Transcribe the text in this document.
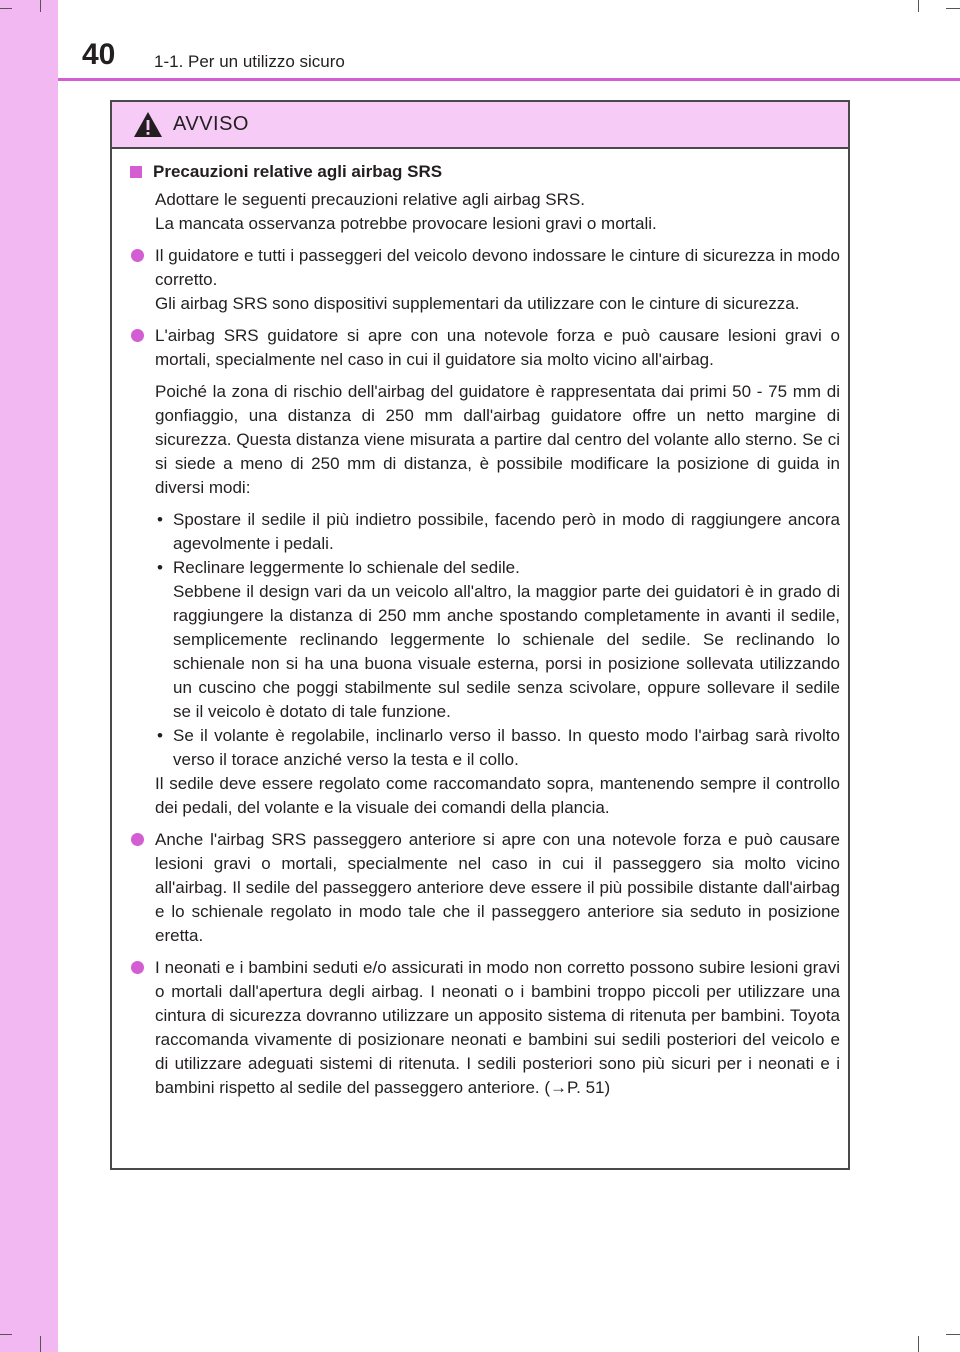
40 1-1. Per un utilizzo sicuro
AVVISO
Precauzioni relative agli airbag SRS
Adottare le seguenti precauzioni relative agli airbag SRS.
La mancata osservanza potrebbe provocare lesioni gravi o mortali.
Il guidatore e tutti i passeggeri del veicolo devono indossare le cinture di sicurezza in modo corretto.
Gli airbag SRS sono dispositivi supplementari da utilizzare con le cinture di sicurezza.
L'airbag SRS guidatore si apre con una notevole forza e può causare lesioni gravi o mortali, specialmente nel caso in cui il guidatore sia molto vicino all'airbag.
Poiché la zona di rischio dell'airbag del guidatore è rappresentata dai primi 50 - 75 mm di gonfiaggio, una distanza di 250 mm dall'airbag guidatore offre un netto margine di sicurezza. Questa distanza viene misurata a partire dal centro del volante allo sterno. Se ci si siede a meno di 250 mm di distanza, è possibile modificare la posizione di guida in diversi modi:
• Spostare il sedile il più indietro possibile, facendo però in modo di raggiungere ancora agevolmente i pedali.
• Reclinare leggermente lo schienale del sedile.
Sebbene il design vari da un veicolo all'altro, la maggior parte dei guidatori è in grado di raggiungere la distanza di 250 mm anche spostando completamente in avanti il sedile, semplicemente reclinando leggermente lo schienale del sedile. Se reclinando lo schienale non si ha una buona visuale esterna, porsi in posizione sollevata utilizzando un cuscino che poggi stabilmente sul sedile senza scivolare, oppure sollevare il sedile se il veicolo è dotato di tale funzione.
• Se il volante è regolabile, inclinarlo verso il basso. In questo modo l'airbag sarà rivolto verso il torace anziché verso la testa e il collo.
Il sedile deve essere regolato come raccomandato sopra, mantenendo sempre il controllo dei pedali, del volante e la visuale dei comandi della plancia.
Anche l'airbag SRS passeggero anteriore si apre con una notevole forza e può causare lesioni gravi o mortali, specialmente nel caso in cui il passeggero sia molto vicino all'airbag. Il sedile del passeggero anteriore deve essere il più possibile distante dall'airbag e lo schienale regolato in modo tale che il passeggero anteriore sia seduto in posizione eretta.
I neonati e i bambini seduti e/o assicurati in modo non corretto possono subire lesioni gravi o mortali dall'apertura degli airbag. I neonati o i bambini troppo piccoli per utilizzare una cintura di sicurezza dovranno utilizzare un apposito sistema di ritenuta per bambini. Toyota raccomanda vivamente di posizionare neonati e bambini sui sedili posteriori del veicolo e di utilizzare adeguati sistemi di ritenuta. I sedili posteriori sono più sicuri per i neonati e i bambini rispetto al sedile del passeggero anteriore. (→P. 51)
